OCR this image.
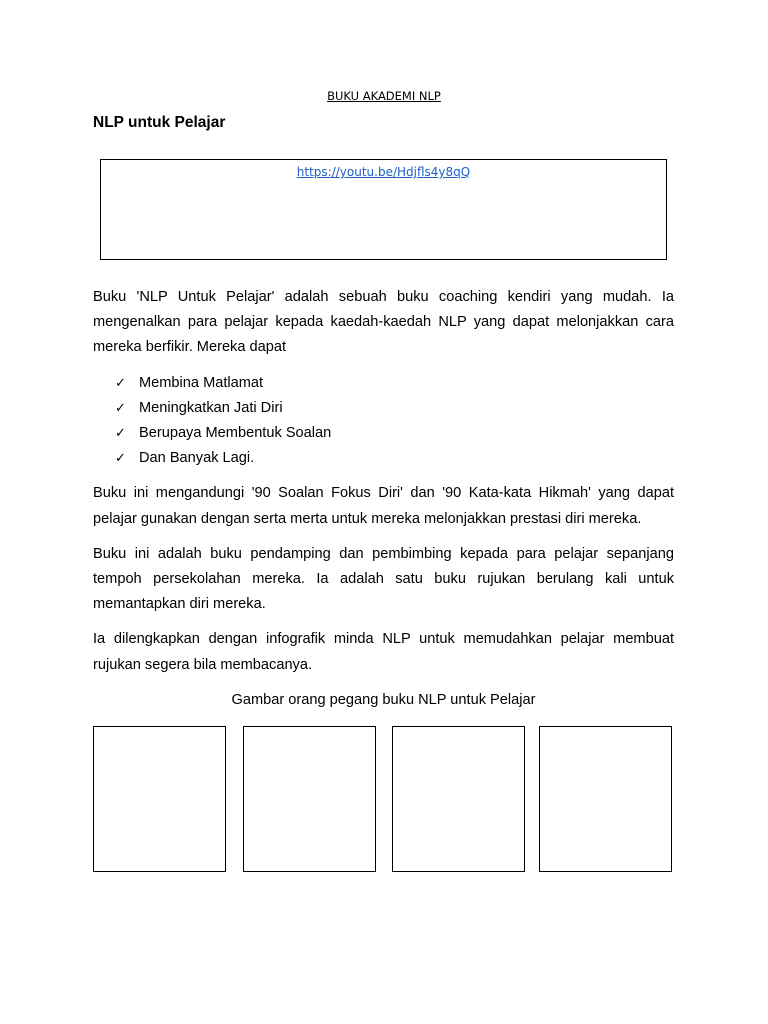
BUKU AKADEMI NLP
NLP untuk Pelajar
https://youtu.be/Hdjfls4y8qQ

Buku 'NLP Untuk Pelajar' adalah sebuah buku coaching kendiri yang mudah. Ia mengenalkan para pelajar kepada kaedah-kaedah NLP yang dapat melonjakkan cara mereka berfikir. Mereka dapat

✓ Membina Matlamat
✓ Meningkatkan Jati Diri
✓ Berupaya Membentuk Soalan
✓ Dan Banyak Lagi.

Buku ini mengandungi '90 Soalan Fokus Diri' dan '90 Kata-kata Hikmah' yang dapat pelajar gunakan dengan serta merta untuk mereka melonjakkan prestasi diri mereka.

Buku ini adalah buku pendamping dan pembimbing kepada para pelajar sepanjang tempoh persekolahan mereka. Ia adalah satu buku rujukan berulang kali untuk memantapkan diri mereka.

Ia dilengkapkan dengan infografik minda NLP untuk memudahkan pelajar membuat rujukan segera bila membacanya.

Gambar orang pegang buku NLP untuk Pelajar
